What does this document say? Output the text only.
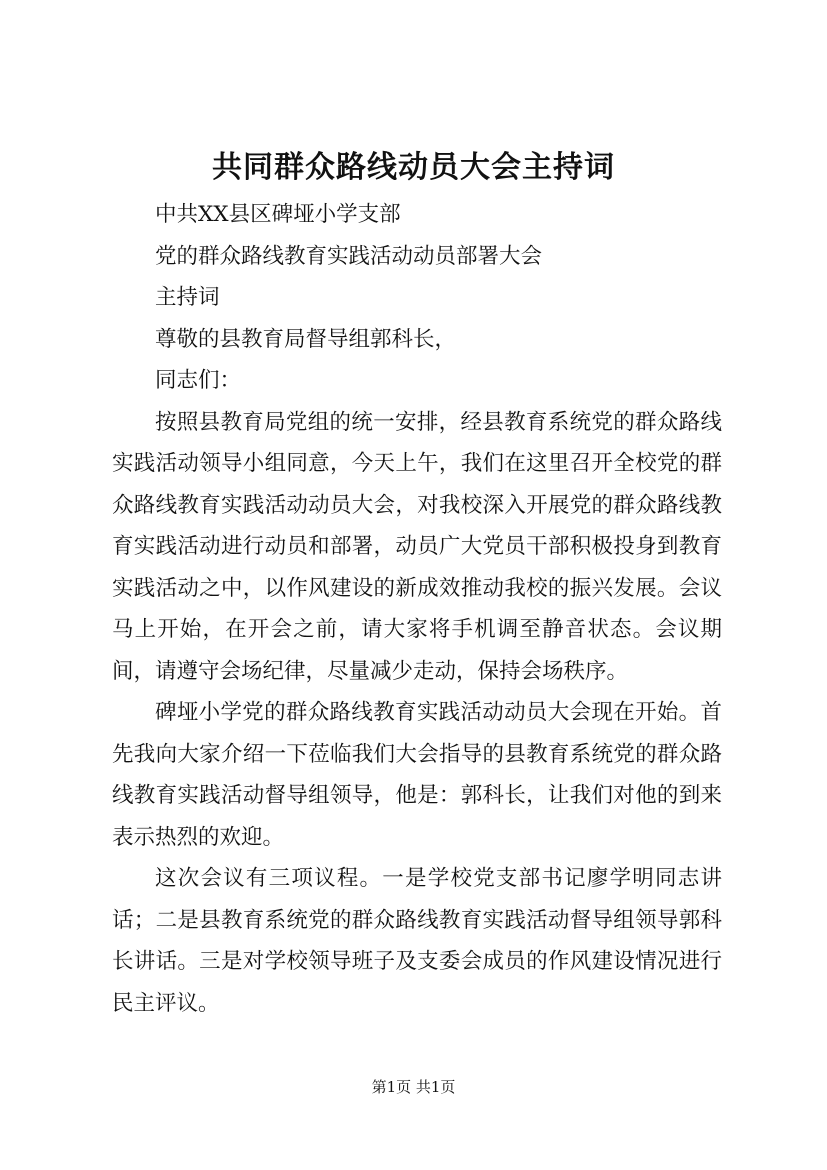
共同群众路线动员大会主持词

中共XX县区碑垭小学支部

党的群众路线教育实践活动动员部署大会

主持词

尊敬的县教育局督导组郭科长，

同志们：

按照县教育局党组的统一安排，经县教育系统党的群众路线实践活动领导小组同意，今天上午，我们在这里召开全校党的群众路线教育实践活动动员大会，对我校深入开展党的群众路线教育实践活动进行动员和部署，动员广大党员干部积极投身到教育实践活动之中，以作风建设的新成效推动我校的振兴发展。会议马上开始，在开会之前，请大家将手机调至静音状态。会议期间，请遵守会场纪律，尽量减少走动，保持会场秩序。

碑垭小学党的群众路线教育实践活动动员大会现在开始。首先我向大家介绍一下莅临我们大会指导的县教育系统党的群众路线教育实践活动督导组领导，他是：郭科长，让我们对他的到来表示热烈的欢迎。

这次会议有三项议程。一是学校党支部书记廖学明同志讲话；二是县教育系统党的群众路线教育实践活动督导组领导郭科长讲话。三是对学校领导班子及支委会成员的作风建设情况进行民主评议。

第1页 共1页
